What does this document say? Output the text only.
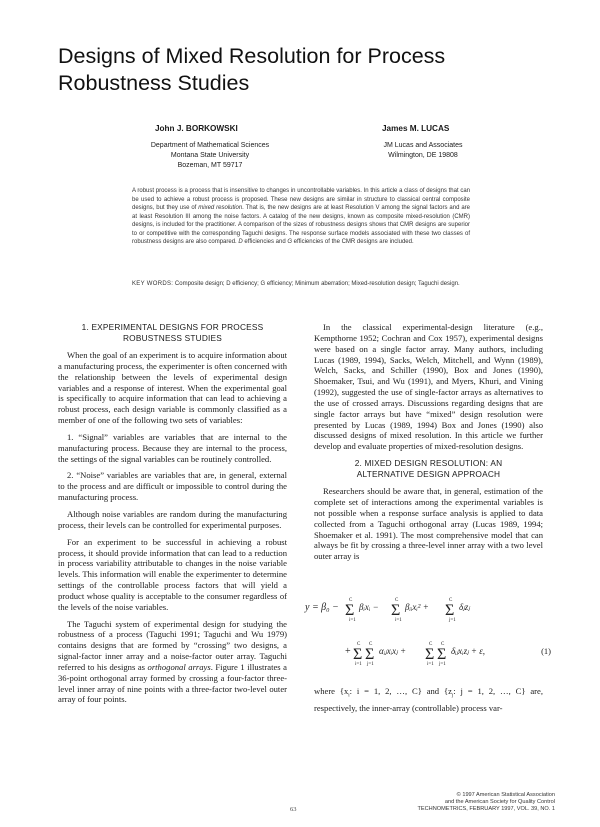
Designs of Mixed Resolution for Process
Robustness Studies
John J. BORKOWSKI	James M. LUCAS
Department of Mathematical Sciences
Montana State University
Bozeman, MT 59717
JM Lucas and Associates
Wilmington, DE 19808
A robust process is a process that is insensitive to changes in uncontrollable variables. In this article a class of designs that can be used to achieve a robust process is proposed. These new designs are similar in structure to classical central composite designs, but they use of mixed resolution. That is, the new designs are at least Resolution V among the signal factors and are at least Resolution III among the noise factors. A catalog of the new designs, known as composite mixed-resolution (CMR) designs, is included for the practitioner. A comparison of the sizes of robustness designs shows that CMR designs are superior to or competitive with the corresponding Taguchi designs. The response surface models associated with these two classes of robustness designs are also compared. D efficiencies and G efficiencies of the CMR designs are included.
KEY WORDS: Composite design; D efficiency; G efficiency; Minimum aberration; Mixed-resolution design; Taguchi design.
1. EXPERIMENTAL DESIGNS FOR PROCESS
ROBUSTNESS STUDIES

When the goal of an experiment is to acquire information about a manufacturing process, the experimenter is often concerned with the relationship between the levels of experimental design variables and a response of interest. When the experimental goal is specifically to acquire information that can lead to achieving a robust process, each design variable is commonly classified as a member of one of the following two sets of variables:

1. “Signal” variables are variables that are internal to the manufacturing process. Because they are internal to the process, the settings of the signal variables can be routinely controlled.

2. “Noise” variables are variables that are, in general, external to the process and are difficult or impossible to control during the manufacturing process.

Although noise variables are random during the manufacturing process, their levels can be controlled for experimental purposes.

For an experiment to be successful in achieving a robust process, it should provide information that can lead to a reduction in process variability attributable to changes in the noise variable levels. This information will enable the experimenter to determine settings of the controllable process factors that will yield a product whose quality is acceptable to the consumer regardless of the levels of the noise variables.

The Taguchi system of experimental design for studying the robustness of a process (Taguchi 1991; Taguchi and Wu 1979) contains designs that are formed by “crossing” two designs, a signal-factor inner array and a noise-factor outer array. Taguchi referred to his designs as orthogonal arrays. Figure 1 illustrates a 36-point orthogonal array formed by crossing a four-factor three-level inner array of nine points with a three-factor two-level outer array of four points.

In the classical experimental-design literature (e.g., Kempthorne 1952; Cochran and Cox 1957), experimental designs were based on a single factor array. Many authors, including Lucas (1989, 1994), Sacks, Welch, Mitchell, and Wynn (1989), Welch, Sacks, and Schiller (1990), Box and Jones (1990), Shoemaker, Tsui, and Wu (1991), and Myers, Khuri, and Vining (1992), suggested the use of single-factor arrays as alternatives to the use of crossed arrays. Discussions regarding designs that are single factor arrays but have “mixed” design resolution were presented by Lucas (1989, 1994) Box and Jones (1990) also discussed designs of mixed resolution. In this article we further develop and evaluate properties of mixed-resolution designs.

2. MIXED DESIGN RESOLUTION: AN
ALTERNATIVE DESIGN APPROACH

Researchers should be aware that, in general, estimation of the complete set of interactions among the experimental variables is not possible when a response surface analysis is applied to data collected from a Taguchi orthogonal array (Lucas 1989, 1994; Shoemaker et al. 1991). The most comprehensive model that can always be fit by crossing a three-level inner array with a two level outer array is

y = β₀ −
C
Σ
i=1
βᵢxᵢ −
C
Σ
i=1
βᵢᵢxᵢ² +
C
Σ
j=1
δⱼzⱼ
+
C
Σ
i=1
C
Σ
j=1
αᵢⱼxᵢxⱼ +
C
Σ
i=1
C
Σ
j=1
δᵢⱼxᵢzⱼ + ε,	(1)

where {$x_i$: i = 1, 2, …, C} and {$z_j$: j = 1, 2, …, C} are, respectively, the inner-array (controllable) process var-

© 1997 American Statistical Association
and the American Society for Quality Control
TECHNOMETRICS, FEBRUARY 1997, VOL. 39, NO. 1
63
